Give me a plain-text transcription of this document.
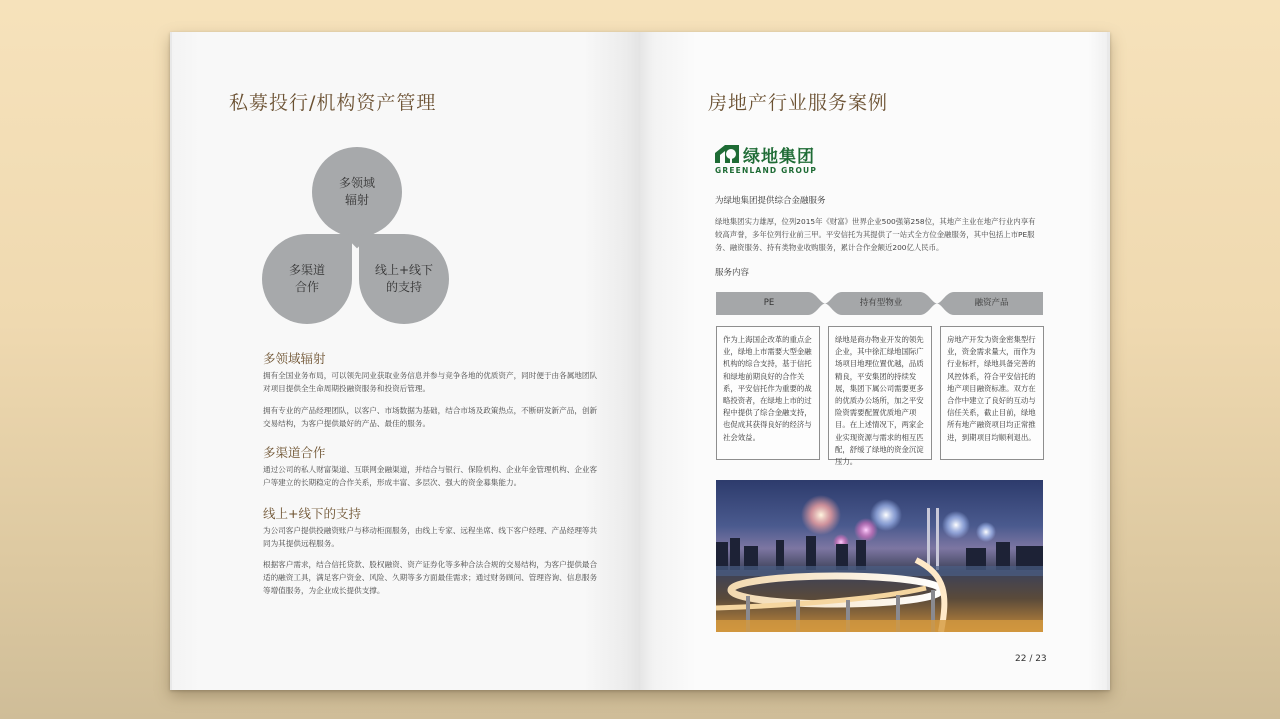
私募投行/机构资产管理
多领域
辐射
多渠道
合作
线上+线下
的支持
多领域辐射
拥有全国业务布局，可以领先同业获取业务信息并参与竞争各地的优质资产，同时便于由各属地团队对项目提供全生命周期投融资服务和投资后管理。
拥有专业的产品经理团队，以客户、市场数据为基础，结合市场及政策热点，不断研发新产品，创新交易结构，为客户提供最好的产品、最佳的服务。
多渠道合作
通过公司的私人财富渠道、互联网金融渠道，并结合与银行、保险机构、企业年金管理机构、企业客户等建立的长期稳定的合作关系，形成丰富、多层次、强大的资金募集能力。
线上+线下的支持
为公司客户提供投融资账户与移动柜面服务，由线上专家、远程坐席、线下客户经理、产品经理等共同为其提供远程服务。
根据客户需求，结合信托贷款、股权融资、资产证券化等多种合法合规的交易结构，为客户提供最合适的融资工具，满足客户资金、风险、久期等多方面最佳需求；通过财务顾问、管理咨询、信息服务等增值服务，为企业成长提供支撑。
房地产行业服务案例
绿地集团
GREENLAND GROUP
为绿地集团提供综合金融服务
绿地集团实力雄厚，位列2015年《财富》世界企业500强第258位，其地产主业在地产行业内享有较高声誉，多年位列行业前三甲。平安信托为其提供了一站式全方位金融服务，其中包括上市PE服务、融资服务、持有类物业收购服务，累计合作金额近200亿人民币。
服务内容
PE	持有型物业	融资产品
作为上海国企改革的重点企业，绿地上市需要大型金融机构的综合支持，基于信托和绿地前期良好的合作关系，平安信托作为重要的战略投资者，在绿地上市的过程中提供了综合金融支持，也促成其获得良好的经济与社会效益。
绿地是商办物业开发的领先企业，其中徐汇绿地国际广场项目地理位置优越，品质精良，平安集团的持续发展，集团下属公司需要更多的优质办公场所，加之平安险资需要配置优质地产项目。在上述情况下，两家企业实现资源与需求的相互匹配，舒缓了绿地的资金沉淀压力。
房地产开发为资金密集型行业，资金需求量大，而作为行业标杆，绿地具备完善的风控体系，符合平安信托的地产项目融资标准。双方在合作中建立了良好的互动与信任关系，截止目前，绿地所有地产融资项目均正常推进，到期项目均顺利退出。
22 / 23
